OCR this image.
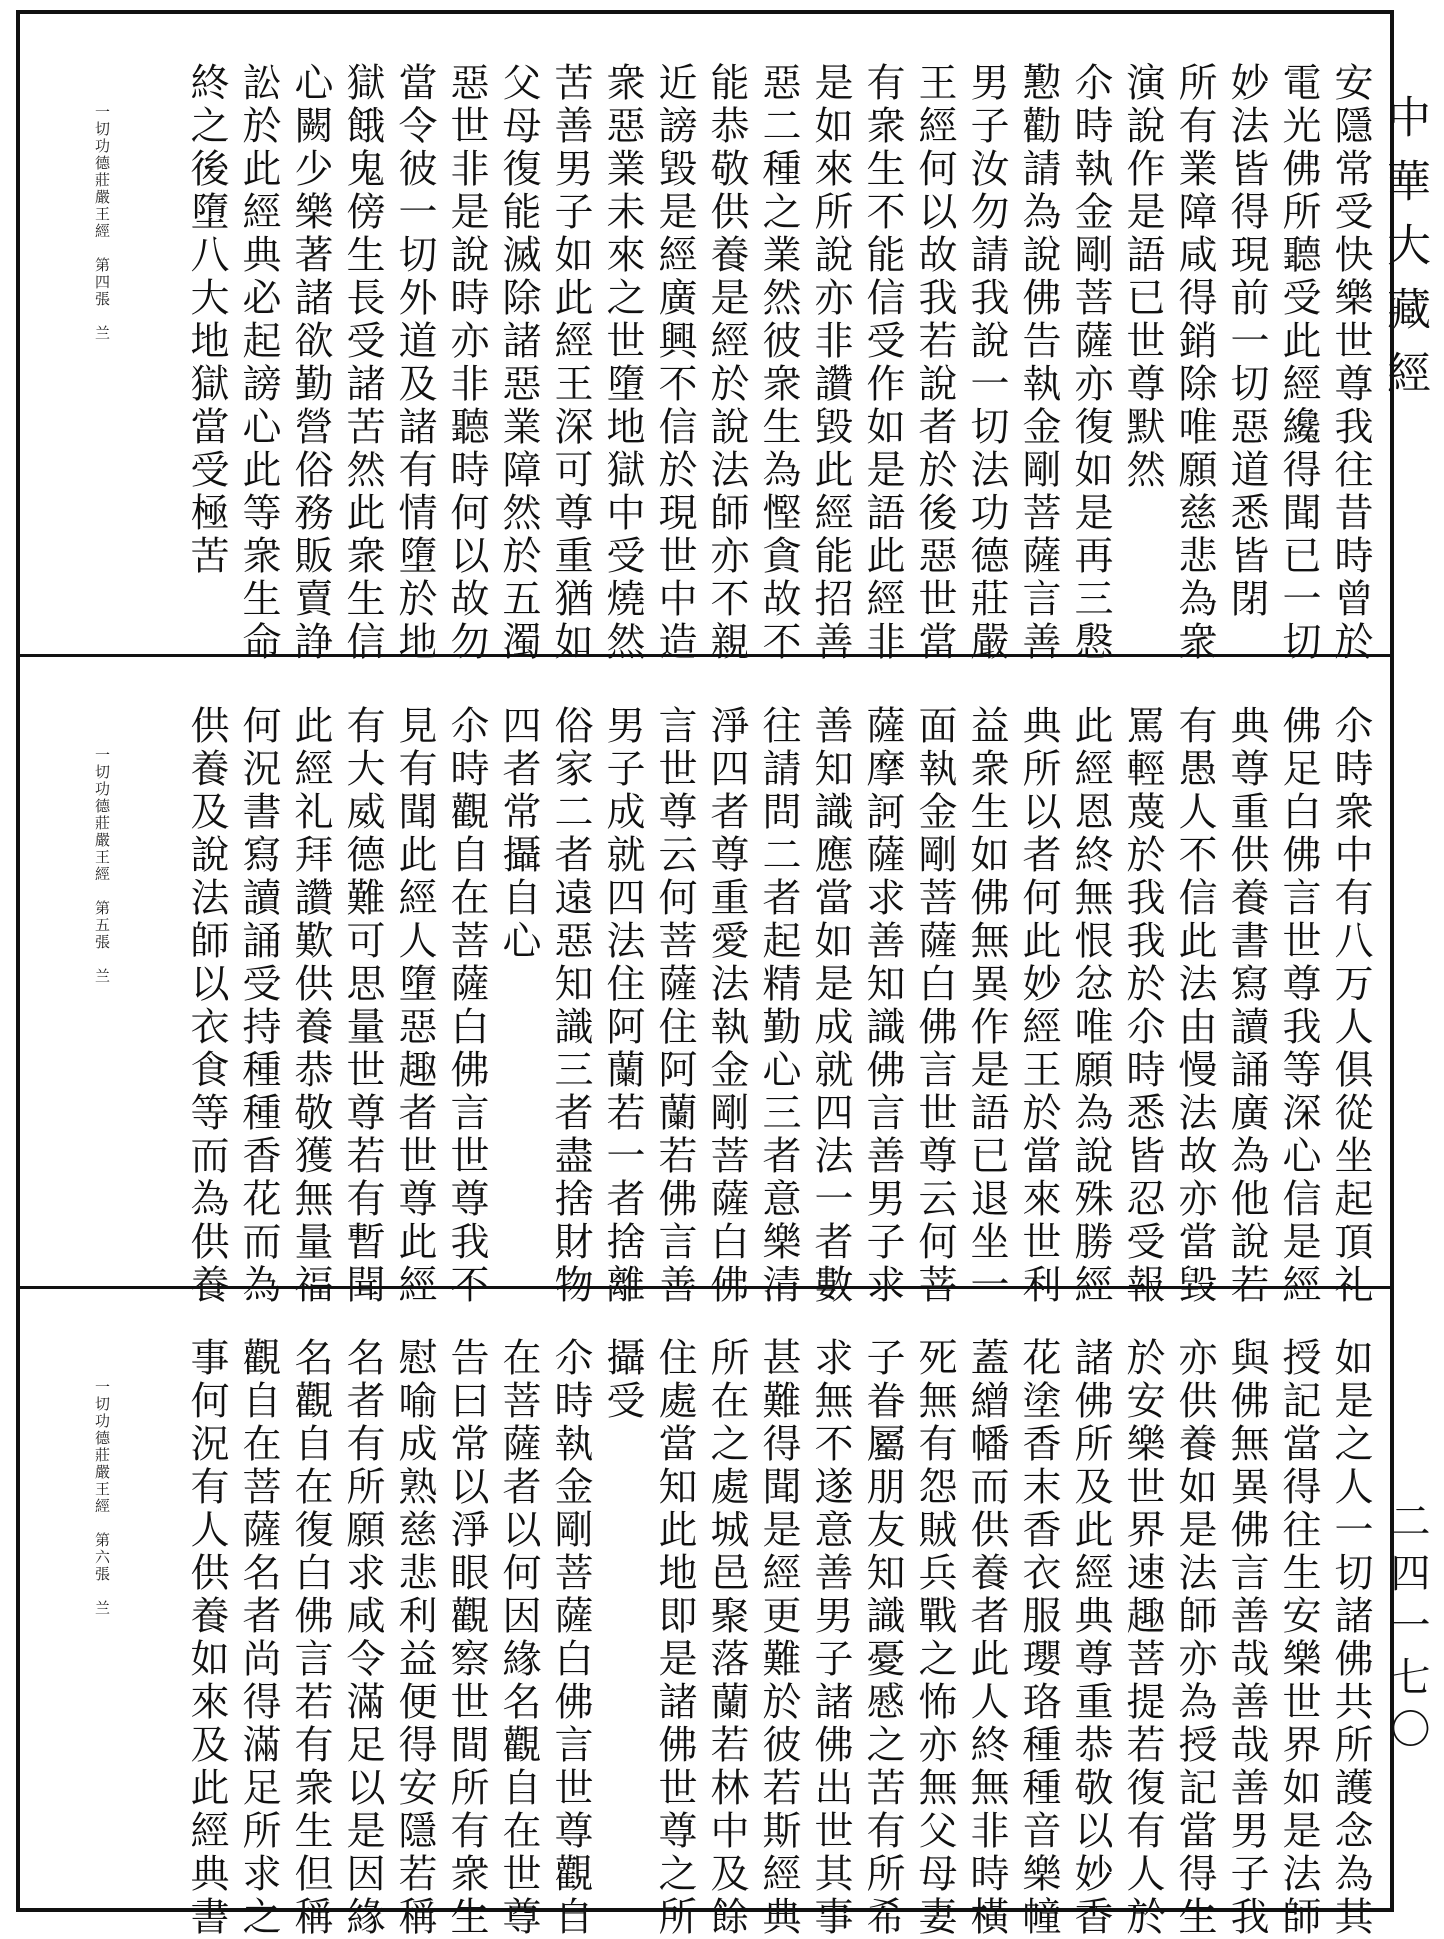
中華大藏經
二四一七〇
安隱常受快樂世尊我往昔時曾於
電光佛所聽受此經纔得聞已一切
妙法皆得現前一切惡道悉皆閉
所有業障咸得銷除唯願慈悲為衆
演說作是語已世尊默然
尒時執金剛菩薩亦復如是再三慇
懃勸請為說佛告執金剛菩薩言善
男子汝勿請我說一切法功德莊嚴
王經何以故我若說者於後惡世當
有衆生不能信受作如是語此經非
是如來所說亦非讚毀此經能招善
惡二種之業然彼衆生為慳貪故不
能恭敬供養是經於說法師亦不親
近謗毀是經廣興不信於現世中造
衆惡業未來之世墮地獄中受燒然
苦善男子如此經王深可尊重猶如
父母復能滅除諸惡業障然於五濁
惡世非是說時亦非聽時何以故勿
當令彼一切外道及諸有情墮於地
獄餓鬼傍生長受諸苦然此衆生信
心闕少樂著諸欲勤營俗務販賣諍
訟於此經典必起謗心此等衆生命
終之後墮八大地獄當受極苦
一切功德莊嚴王經　第四張　兰
尒時衆中有八万人俱從坐起頂礼
佛足白佛言世尊我等深心信是經
典尊重供養書寫讀誦廣為他說若
有愚人不信此法由慢法故亦當毀
罵輕蔑於我我於尒時悉皆忍受報
此經恩終無恨忿唯願為說殊勝經
典所以者何此妙經王於當來世利
益衆生如佛無異作是語已退坐一
面執金剛菩薩白佛言世尊云何菩
薩摩訶薩求善知識佛言善男子求
善知識應當如是成就四法一者數
往請問二者起精勤心三者意樂清
淨四者尊重愛法執金剛菩薩白佛
言世尊云何菩薩住阿蘭若佛言善
男子成就四法住阿蘭若一者捨離
俗家二者遠惡知識三者盡捨財物
四者常攝自心
尒時觀自在菩薩白佛言世尊我不
見有聞此經人墮惡趣者世尊此經
有大威德難可思量世尊若有暫聞
此經礼拜讚歎供養恭敬獲無量福
何況書寫讀誦受持種種香花而為
供養及說法師以衣食等而為供養
一切功德莊嚴王經　第五張　兰
如是之人一切諸佛共所護念為其
授記當得往生安樂世界如是法師
與佛無異佛言善哉善哉善男子我
亦供養如是法師亦為授記當得生
於安樂世界速趣菩提若復有人於
諸佛所及此經典尊重恭敬以妙香
花塗香末香衣服瓔珞種種音樂幢
蓋繒幡而供養者此人終無非時橫
死無有怨賊兵戰之怖亦無父母妻
子眷屬朋友知識憂慼之苦有所希
求無不遂意善男子諸佛出世其事
甚難得聞是經更難於彼若斯經典
所在之處城邑聚落蘭若林中及餘
住處當知此地即是諸佛世尊之所
攝受
尒時執金剛菩薩白佛言世尊觀自
在菩薩者以何因緣名觀自在世尊
告曰常以淨眼觀察世間所有衆生
慰喻成熟慈悲利益便得安隱若稱
名者有所願求咸令滿足以是因緣
名觀自在復白佛言若有衆生但稱
觀自在菩薩名者尚得滿足所求之
事何況有人供養如來及此經典書
一切功德莊嚴王經　第六張　兰
